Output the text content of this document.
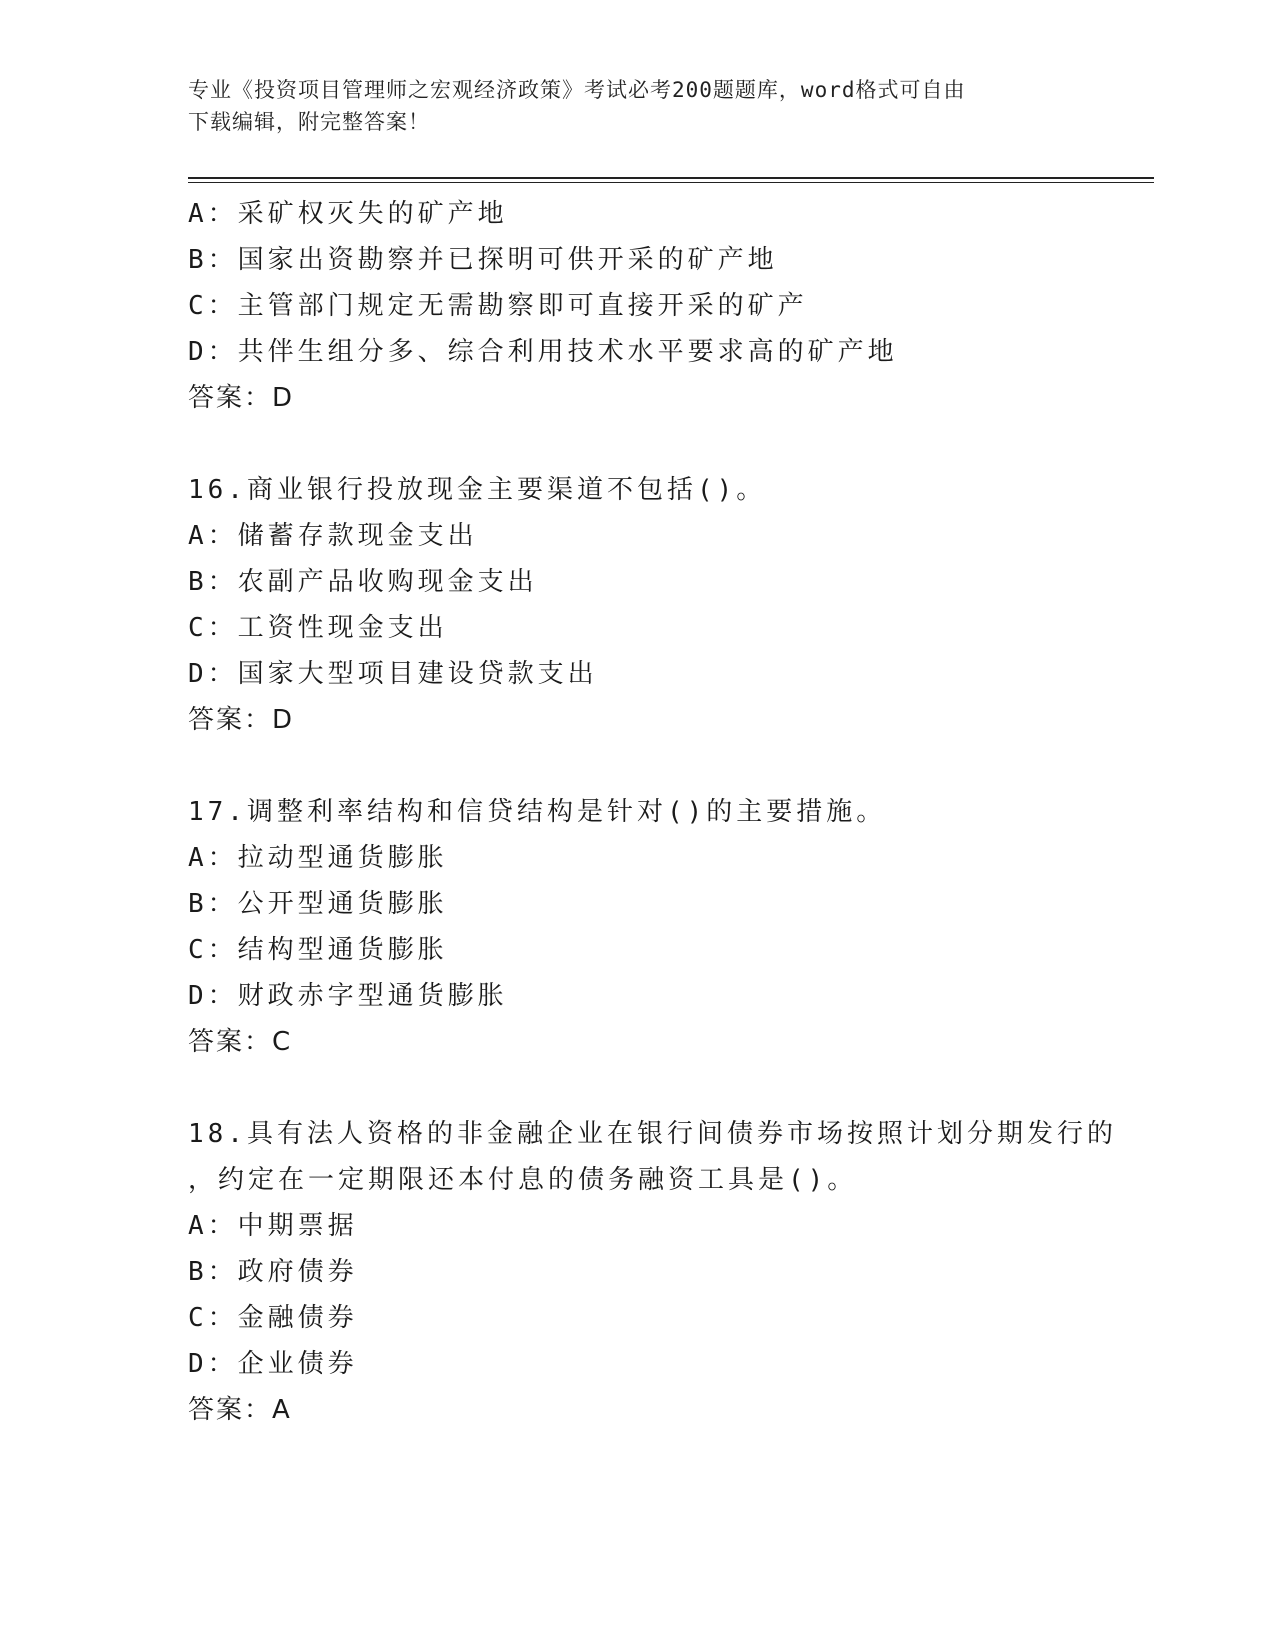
专业《投资项目管理师之宏观经济政策》考试必考200题题库，word格式可自由
下载编辑，附完整答案！
A：采矿权灭失的矿产地
B：国家出资勘察并已探明可供开采的矿产地
C：主管部门规定无需勘察即可直接开采的矿产
D：共伴生组分多、综合利用技术水平要求高的矿产地
答案：D
16.商业银行投放现金主要渠道不包括()。
A：储蓄存款现金支出
B：农副产品收购现金支出
C：工资性现金支出
D：国家大型项目建设贷款支出
答案：D
17.调整利率结构和信贷结构是针对()的主要措施。
A：拉动型通货膨胀
B：公开型通货膨胀
C：结构型通货膨胀
D：财政赤字型通货膨胀
答案：C
18.具有法人资格的非金融企业在银行间债券市场按照计划分期发行的
，约定在一定期限还本付息的债务融资工具是()。
A：中期票据
B：政府债券
C：金融债券
D：企业债券
答案：A
